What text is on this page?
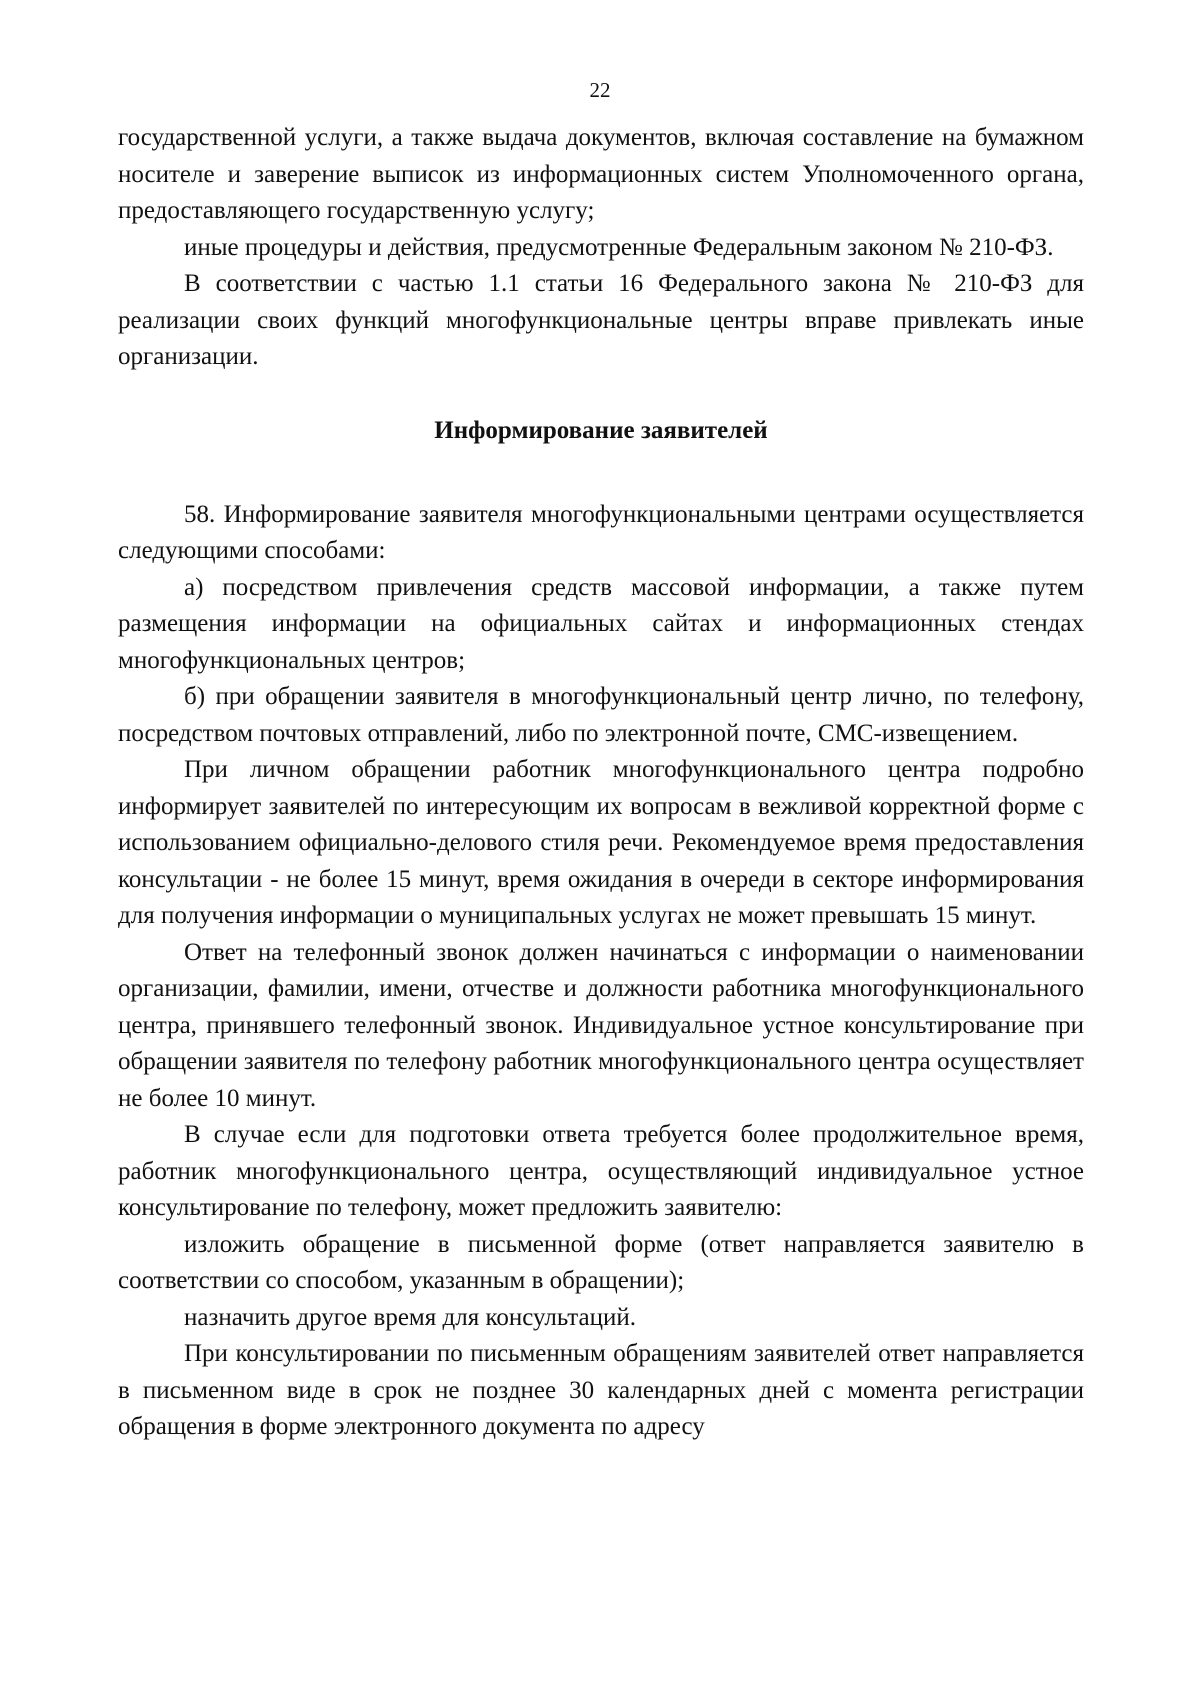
22

государственной услуги, а также выдача документов, включая составление на бумажном носителе и заверение выписок из информационных систем Уполномоченного органа, предоставляющего государственную услугу;

иные процедуры и действия, предусмотренные Федеральным законом № 210-ФЗ.

В соответствии с частью 1.1 статьи 16 Федерального закона № 210-ФЗ для реализации своих функций многофункциональные центры вправе привлекать иные организации.

Информирование заявителей

58. Информирование заявителя многофункциональными центрами осуществляется следующими способами:

а) посредством привлечения средств массовой информации, а также путем размещения информации на официальных сайтах и информационных стендах многофункциональных центров;

б) при обращении заявителя в многофункциональный центр лично, по телефону, посредством почтовых отправлений, либо по электронной почте, СМС-извещением.

При личном обращении работник многофункционального центра подробно информирует заявителей по интересующим их вопросам в вежливой корректной форме с использованием официально-делового стиля речи. Рекомендуемое время предоставления консультации - не более 15 минут, время ожидания в очереди в секторе информирования для получения информации о муниципальных услугах не может превышать 15 минут.

Ответ на телефонный звонок должен начинаться с информации о наименовании организации, фамилии, имени, отчестве и должности работника многофункционального центра, принявшего телефонный звонок. Индивидуальное устное консультирование при обращении заявителя по телефону работник многофункционального центра осуществляет не более 10 минут.

В случае если для подготовки ответа требуется более продолжительное время, работник многофункционального центра, осуществляющий индивидуальное устное консультирование по телефону, может предложить заявителю:

изложить обращение в письменной форме (ответ направляется заявителю в соответствии со способом, указанным в обращении);

назначить другое время для консультаций.

При консультировании по письменным обращениям заявителей ответ направляется в письменном виде в срок не позднее 30 календарных дней с момента регистрации обращения в форме электронного документа по адресу
